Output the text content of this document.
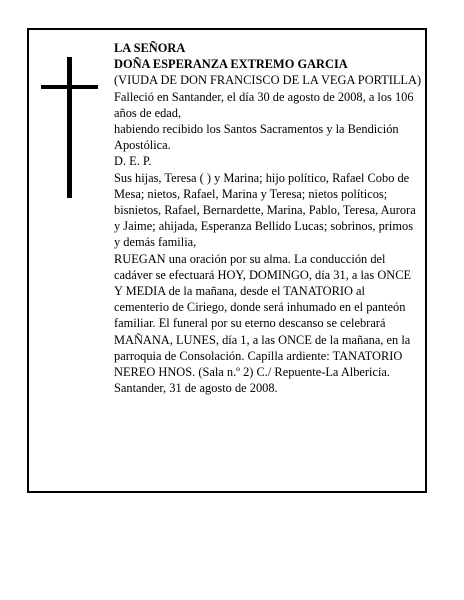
LA SEÑORA

DOÑA ESPERANZA EXTREMO GARCIA

(VIUDA DE DON FRANCISCO DE LA VEGA PORTILLA)

Falleció en Santander, el día 30 de agosto de 2008, a los 106 años de edad,

habiendo recibido los Santos Sacramentos y la Bendición Apostólica.

D. E. P.

Sus hijas, Teresa ( ) y Marina; hijo político, Rafael Cobo de Mesa; nietos, Rafael, Marina y Teresa; nietos políticos; bisnietos, Rafael, Bernardette, Marina, Pablo, Teresa, Aurora y Jaime; ahijada, Esperanza Bellido Lucas; sobrinos, primos y demás familia,

RUEGAN una oración por su alma. La conducción del cadáver se efectuará HOY, DOMINGO, día 31, a las ONCE Y MEDIA de la mañana, desde el TANATORIO al cementerio de Ciriego, donde será inhumado en el panteón familiar. El funeral por su eterno descanso se celebrará MAÑANA, LUNES, día 1, a las ONCE de la mañana, en la parroquia de Consolación. Capilla ardiente: TANATORIO NEREO HNOS. (Sala n.º 2) C./ Repuente-La Albericia.

Santander, 31 de agosto de 2008.
